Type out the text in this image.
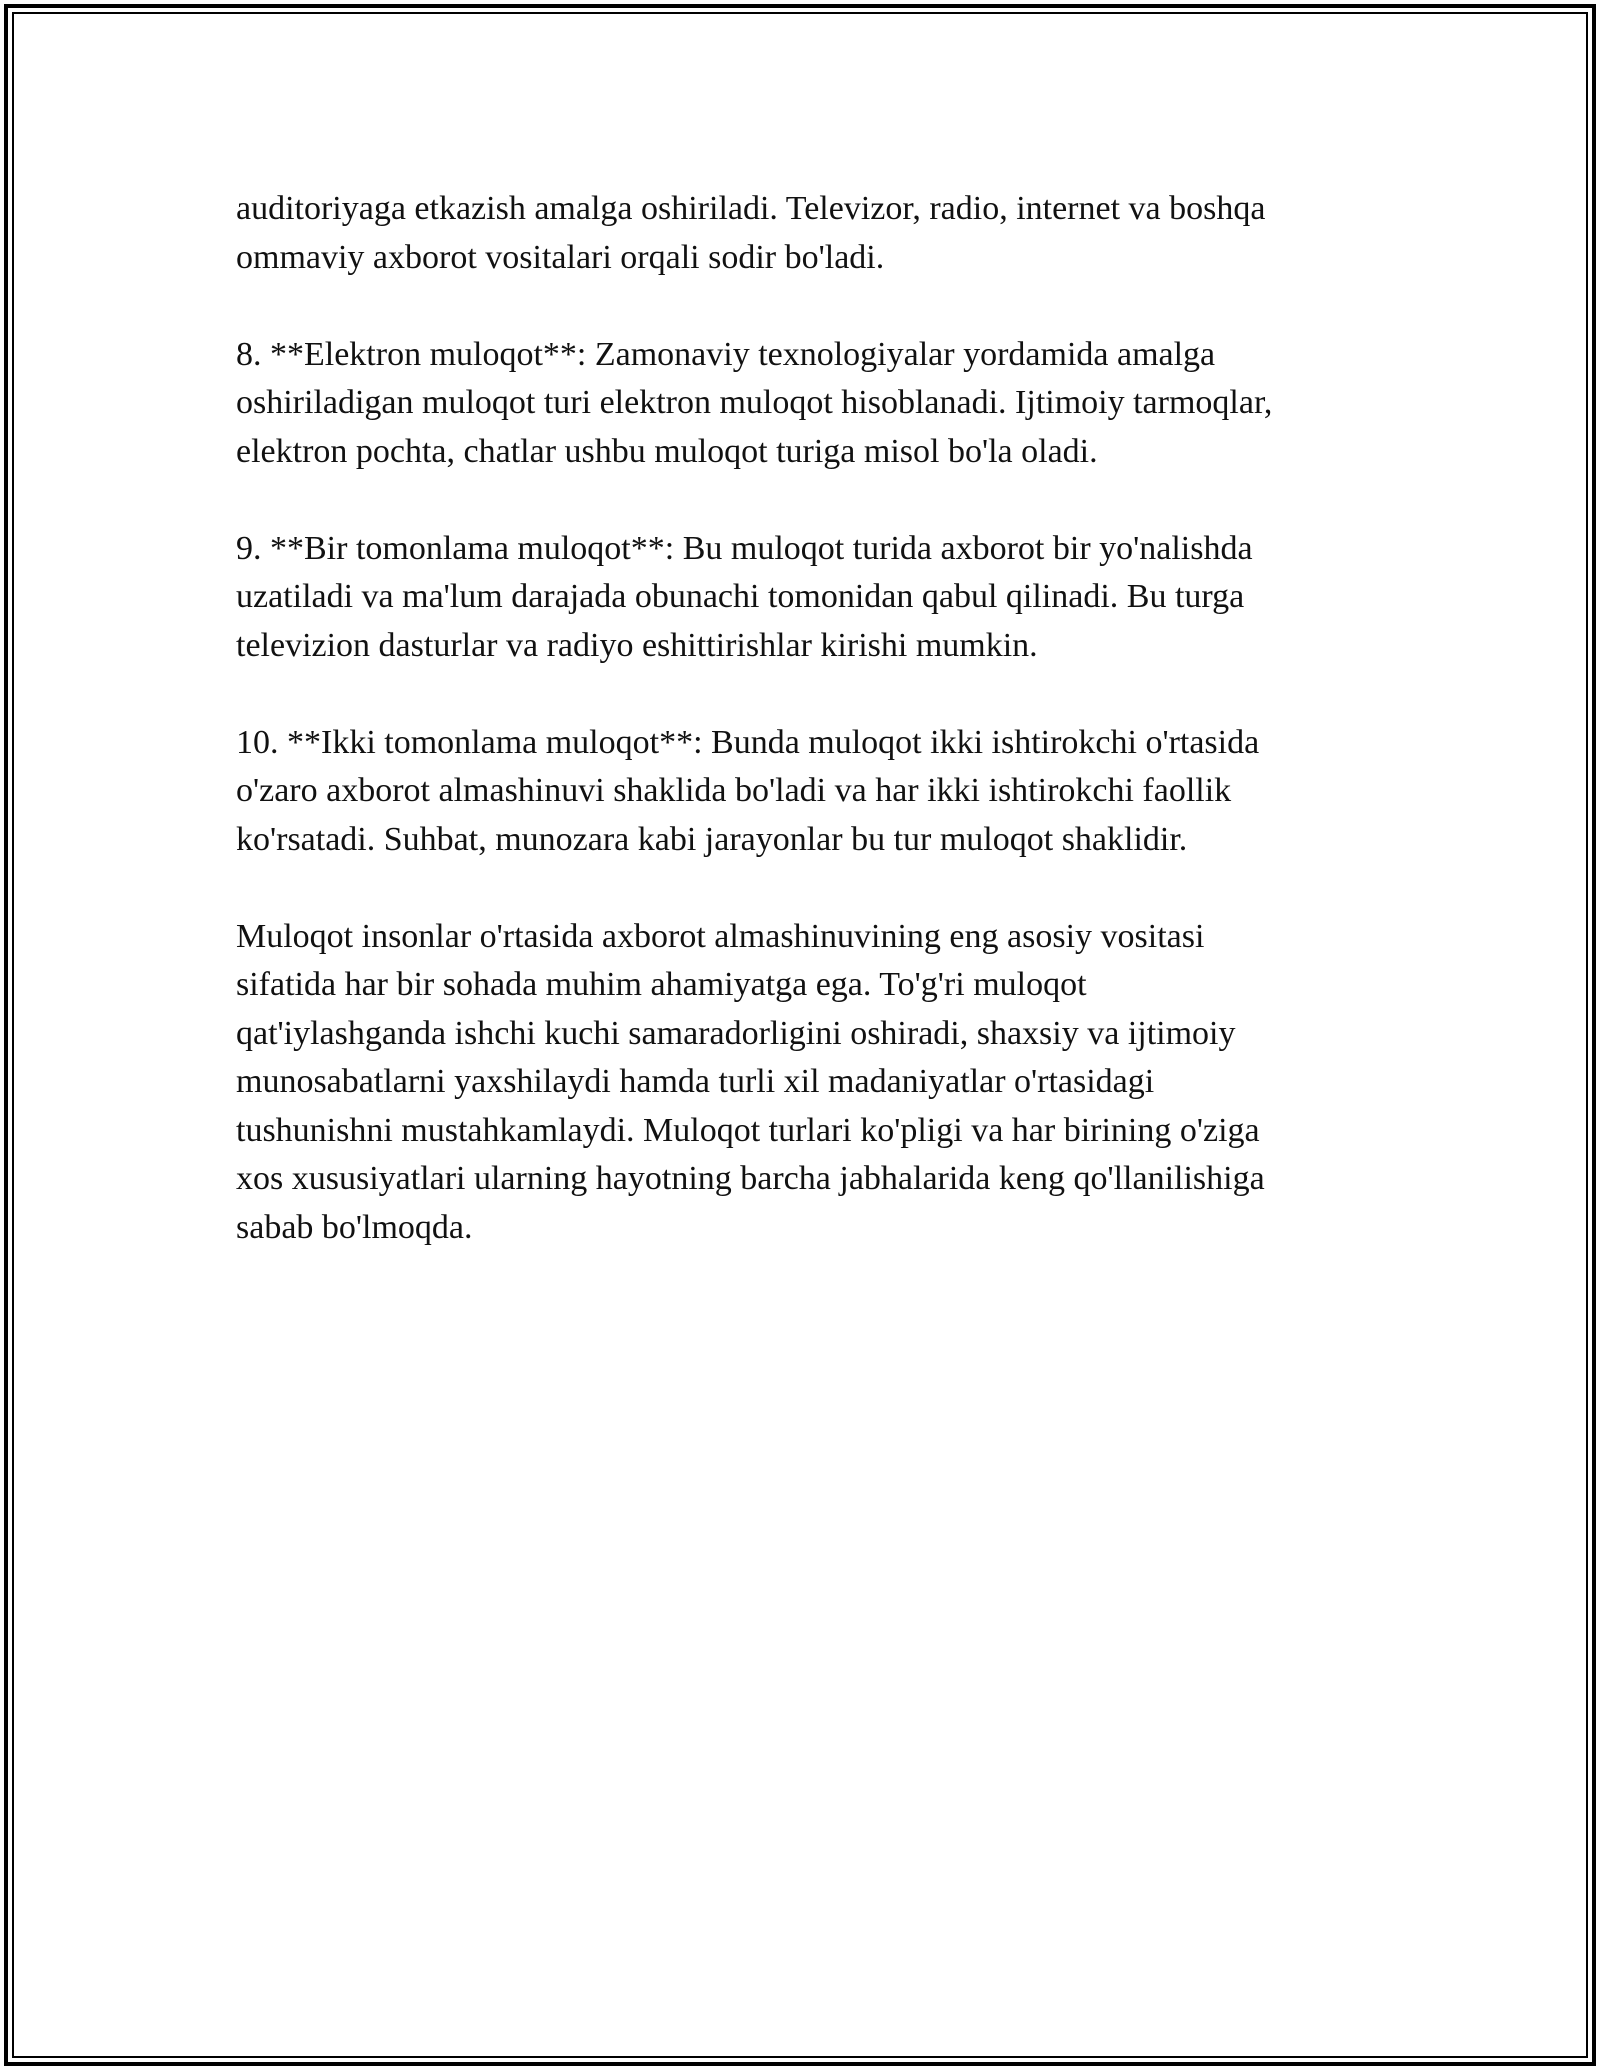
auditoriyaga etkazish amalga oshiriladi. Televizor, radio, internet va boshqa
ommaviy axborot vositalari orqali sodir bo'ladi.

8. **Elektron muloqot**: Zamonaviy texnologiyalar yordamida amalga
oshiriladigan muloqot turi elektron muloqot hisoblanadi. Ijtimoiy tarmoqlar,
elektron pochta, chatlar ushbu muloqot turiga misol bo'la oladi.

9. **Bir tomonlama muloqot**: Bu muloqot turida axborot bir yo'nalishda
uzatiladi va ma'lum darajada obunachi tomonidan qabul qilinadi. Bu turga
televizion dasturlar va radiyo eshittirishlar kirishi mumkin.

10. **Ikki tomonlama muloqot**: Bunda muloqot ikki ishtirokchi o'rtasida
o'zaro axborot almashinuvi shaklida bo'ladi va har ikki ishtirokchi faollik
ko'rsatadi. Suhbat, munozara kabi jarayonlar bu tur muloqot shaklidir.

Muloqot insonlar o'rtasida axborot almashinuvining eng asosiy vositasi
sifatida har bir sohada muhim ahamiyatga ega. To'g'ri muloqot
qat'iylashganda ishchi kuchi samaradorligini oshiradi, shaxsiy va ijtimoiy
munosabatlarni yaxshilaydi hamda turli xil madaniyatlar o'rtasidagi
tushunishni mustahkamlaydi. Muloqot turlari ko'pligi va har birining o'ziga
xos xususiyatlari ularning hayotning barcha jabhalarida keng qo'llanilishiga
sabab bo'lmoqda.
